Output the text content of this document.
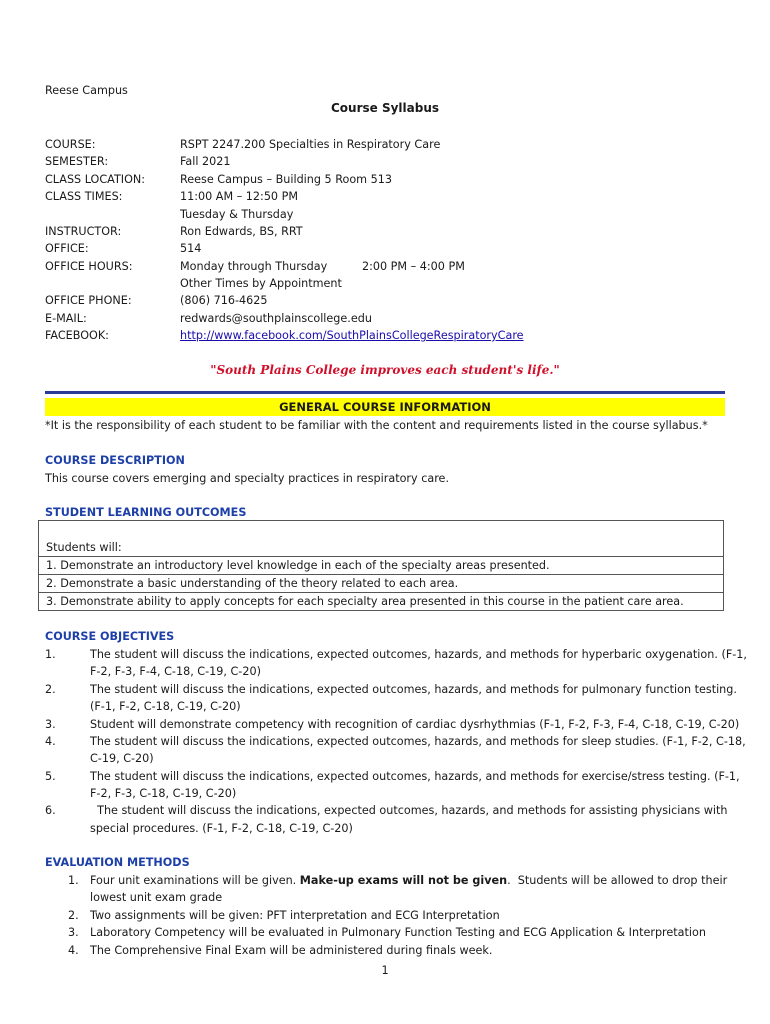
Reese Campus
Course Syllabus
COURSE:	RSPT 2247.200 Specialties in Respiratory Care
SEMESTER:	Fall 2021
CLASS LOCATION:	Reese Campus – Building 5 Room 513
CLASS TIMES:	11:00 AM – 12:50 PM
Tuesday & Thursday
INSTRUCTOR:	Ron Edwards, BS, RRT
OFFICE:	514
OFFICE HOURS:	Monday through Thursday	2:00 PM – 4:00 PM
Other Times by Appointment
OFFICE PHONE:	(806) 716-4625
E-MAIL:	redwards@southplainscollege.edu
FACEBOOK:	http://www.facebook.com/SouthPlainsCollegeRespiratoryCare
"South Plains College improves each student's life."
GENERAL COURSE INFORMATION
*It is the responsibility of each student to be familiar with the content and requirements listed in the course syllabus.*
COURSE DESCRIPTION
This course covers emerging and specialty practices in respiratory care.
STUDENT LEARNING OUTCOMES
Students will:
1. Demonstrate an introductory level knowledge in each of the specialty areas presented.
2. Demonstrate a basic understanding of the theory related to each area.
3. Demonstrate ability to apply concepts for each specialty area presented in this course in the patient care area.
COURSE OBJECTIVES
1.	The student will discuss the indications, expected outcomes, hazards, and methods for hyperbaric oxygenation. (F-1,
F-2, F-3, F-4, C-18, C-19, C-20)
2.	The student will discuss the indications, expected outcomes, hazards, and methods for pulmonary function testing.
(F-1, F-2, C-18, C-19, C-20)
3.	Student will demonstrate competency with recognition of cardiac dysrhythmias (F-1, F-2, F-3, F-4, C-18, C-19, C-20)
4.	The student will discuss the indications, expected outcomes, hazards, and methods for sleep studies. (F-1, F-2, C-18,
C-19, C-20)
5.	The student will discuss the indications, expected outcomes, hazards, and methods for exercise/stress testing. (F-1,
F-2, F-3, C-18, C-19, C-20)
6.	The student will discuss the indications, expected outcomes, hazards, and methods for assisting physicians with
special procedures. (F-1, F-2, C-18, C-19, C-20)
EVALUATION METHODS
1. Four unit examinations will be given. Make-up exams will not be given.  Students will be allowed to drop their
lowest unit exam grade
2. Two assignments will be given: PFT interpretation and ECG Interpretation
3. Laboratory Competency will be evaluated in Pulmonary Function Testing and ECG Application & Interpretation
4. The Comprehensive Final Exam will be administered during finals week.
1
